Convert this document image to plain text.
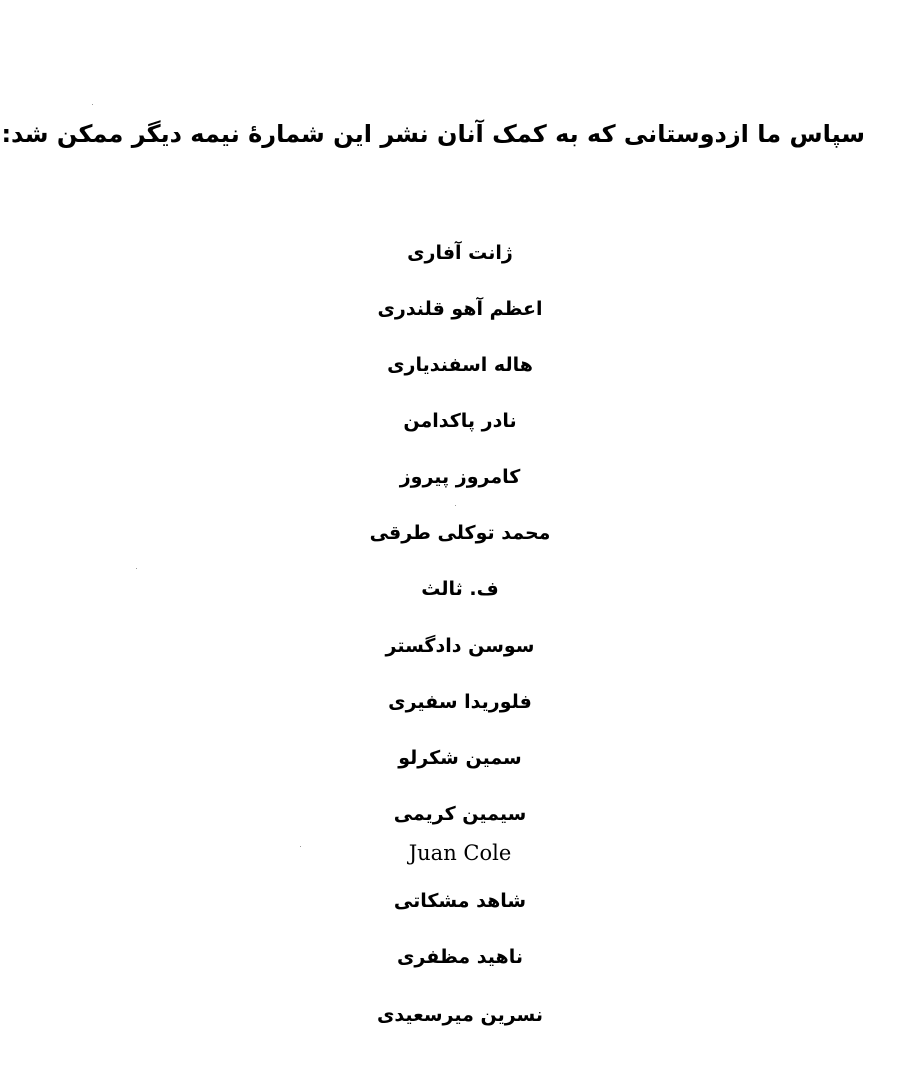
سپاس ما ازدوستانی که به کمک آنان نشر این شمارهٔ نیمه دیگر ممکن شد:
ژانت آفاری
اعظم آهو قلندری
هاله اسفندیاری
نادر پاکدامن
کامروز پیروز
محمد توکلی طرقی
ف. ثالث
سوسن دادگستر
فلوریدا سفیری
سمین شکرلو
سیمین کریمی
Juan Cole
شاهد مشکاتی
ناهید مظفری
نسرین میرسعیدی
